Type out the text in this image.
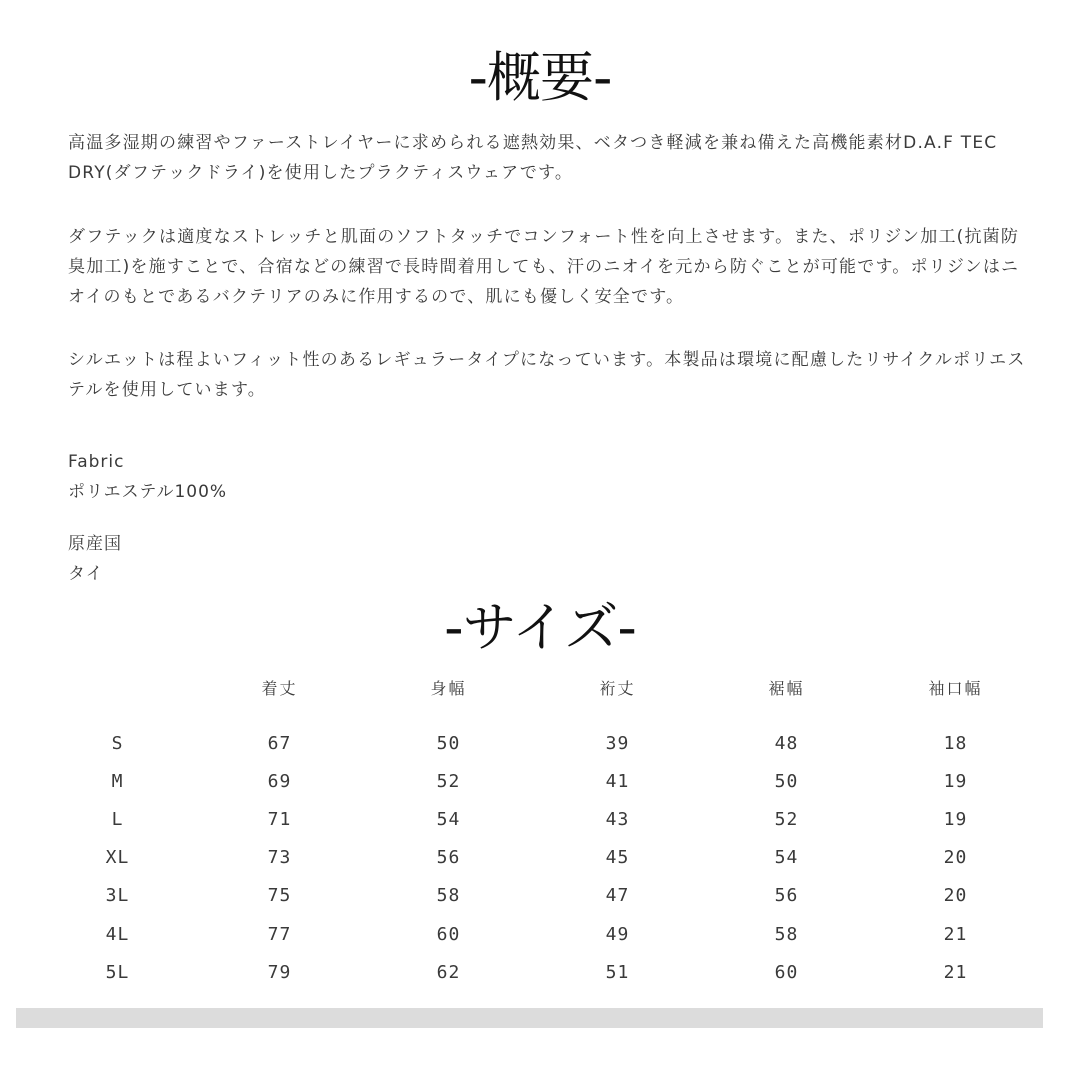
-概要-

高温多湿期の練習やファーストレイヤーに求められる遮熱効果、ベタつき軽減を兼ね備えた高機能素材D.A.F TEC DRY(ダフテックドライ)を使用したプラクティスウェアです。

ダフテックは適度なストレッチと肌面のソフトタッチでコンフォート性を向上させます。また、ポリジン加工(抗菌防臭加工)を施すことで、合宿などの練習で長時間着用しても、汗のニオイを元から防ぐことが可能です。ポリジンはニオイのもとであるバクテリアのみに作用するので、肌にも優しく安全です。

シルエットは程よいフィット性のあるレギュラータイプになっています。本製品は環境に配慮したリサイクルポリエステルを使用しています。

Fabric
ポリエステル100%
原産国
タイ
-サイズ-
	着丈	身幅	裄丈	裾幅	袖口幅

S	67	50	39	48	18
M	69	52	41	50	19
L	71	54	43	52	19
XL	73	56	45	54	20
3L	75	58	47	56	20
4L	77	60	49	58	21
5L	79	62	51	60	21
